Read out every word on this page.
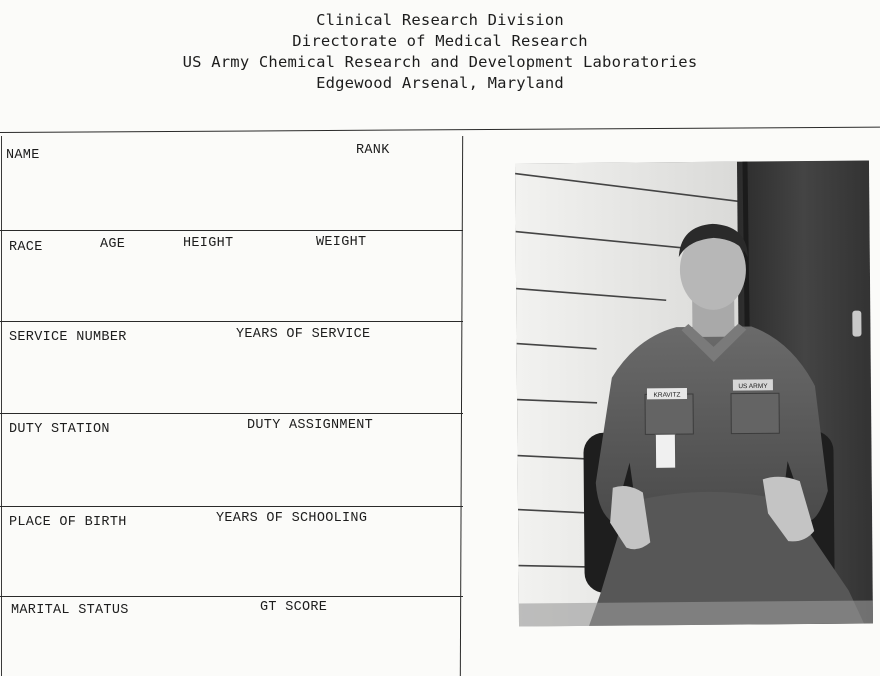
Clinical Research Division
Directorate of Medical Research
US Army Chemical Research and Development Laboratories
Edgewood Arsenal, Maryland
NAME	RANK
RACE	AGE	HEIGHT	WEIGHT
SERVICE NUMBER	YEARS OF SERVICE
DUTY STATION	DUTY ASSIGNMENT
PLACE OF BIRTH	YEARS OF SCHOOLING
MARITAL STATUS	GT SCORE
KRAVITZ
US ARMY
